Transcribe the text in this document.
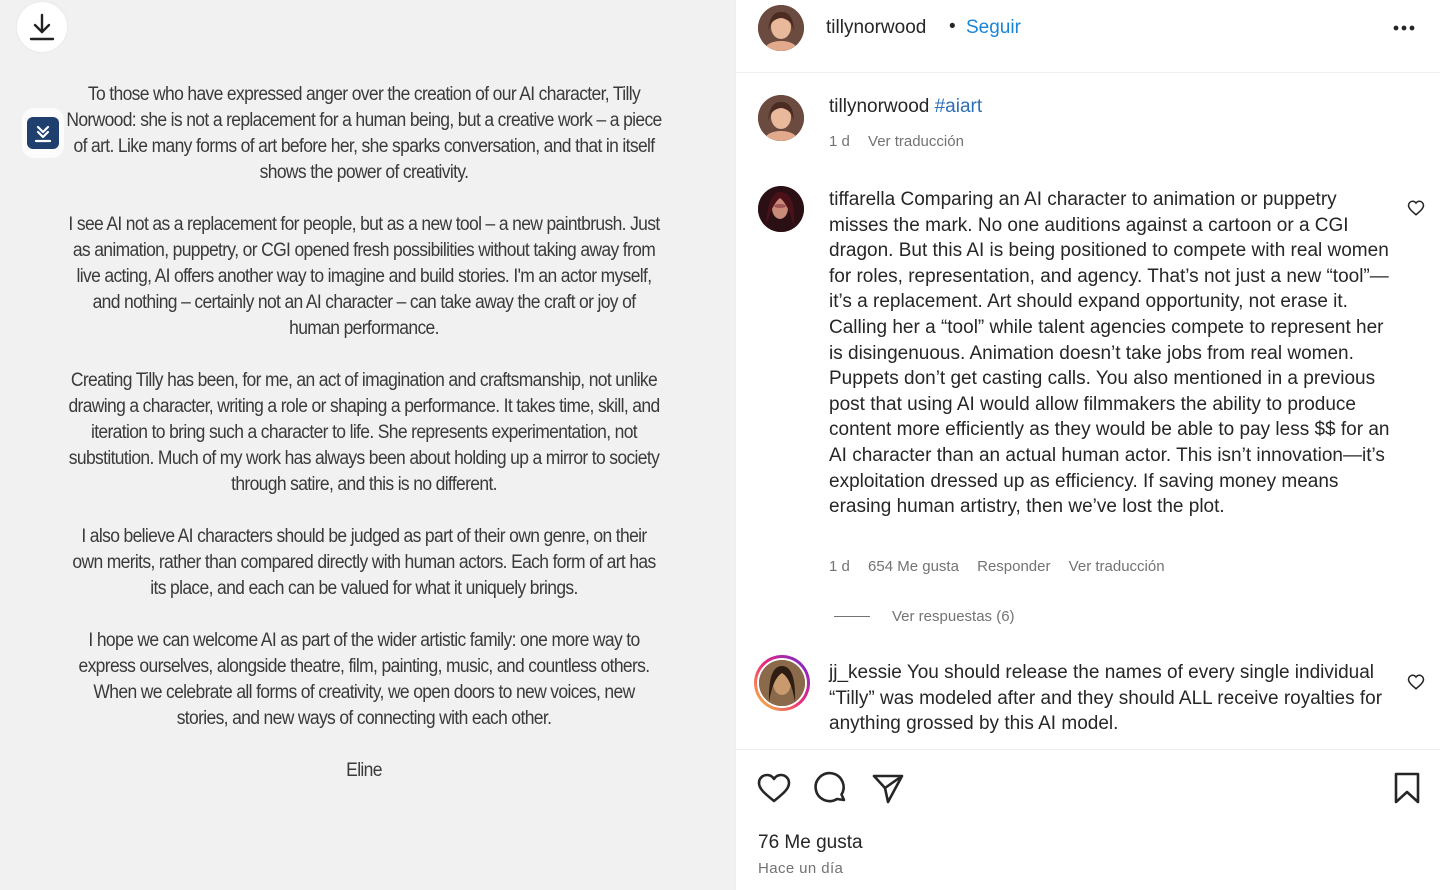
To those who have expressed anger over the creation of our AI character, Tilly Norwood: she is not a replacement for a human being, but a creative work – a piece of art. Like many forms of art before her, she sparks conversation, and that in itself shows the power of creativity.

I see AI not as a replacement for people, but as a new tool – a new paintbrush. Just as animation, puppetry, or CGI opened fresh possibilities without taking away from live acting, AI offers another way to imagine and build stories. I'm an actor myself, and nothing – certainly not an AI character – can take away the craft or joy of human performance.

Creating Tilly has been, for me, an act of imagination and craftsmanship, not unlike drawing a character, writing a role or shaping a performance. It takes time, skill, and iteration to bring such a character to life. She represents experimentation, not substitution. Much of my work has always been about holding up a mirror to society through satire, and this is no different.

I also believe AI characters should be judged as part of their own genre, on their own merits, rather than compared directly with human actors. Each form of art has its place, and each can be valued for what it uniquely brings.

I hope we can welcome AI as part of the wider artistic family: one more way to express ourselves, alongside theatre, film, painting, music, and countless others. When we celebrate all forms of creativity, we open doors to new voices, new stories, and new ways of connecting with each other.

Eline

tillynorwood • Seguir
tillynorwood #aiart
1 d Ver traducción
tiffarella Comparing an AI character to animation or puppetry misses the mark. No one auditions against a cartoon or a CGI dragon. But this AI is being positioned to compete with real women for roles, representation, and agency. That’s not just a new “tool”—it’s a replacement. Art should expand opportunity, not erase it. Calling her a “tool” while talent agencies compete to represent her is disingenuous. Animation doesn’t take jobs from real women. Puppets don’t get casting calls. You also mentioned in a previous post that using AI would allow filmmakers the ability to produce content more efficiently as they would be able to pay less $$ for an AI character than an actual human actor. This isn’t innovation—it’s exploitation dressed up as efficiency. If saving money means erasing human artistry, then we’ve lost the plot.
1 d 654 Me gusta Responder Ver traducción
Ver respuestas (6)
jj_kessie You should release the names of every single individual “Tilly” was modeled after and they should ALL receive royalties for anything grossed by this AI model.
76 Me gusta
Hace un día
